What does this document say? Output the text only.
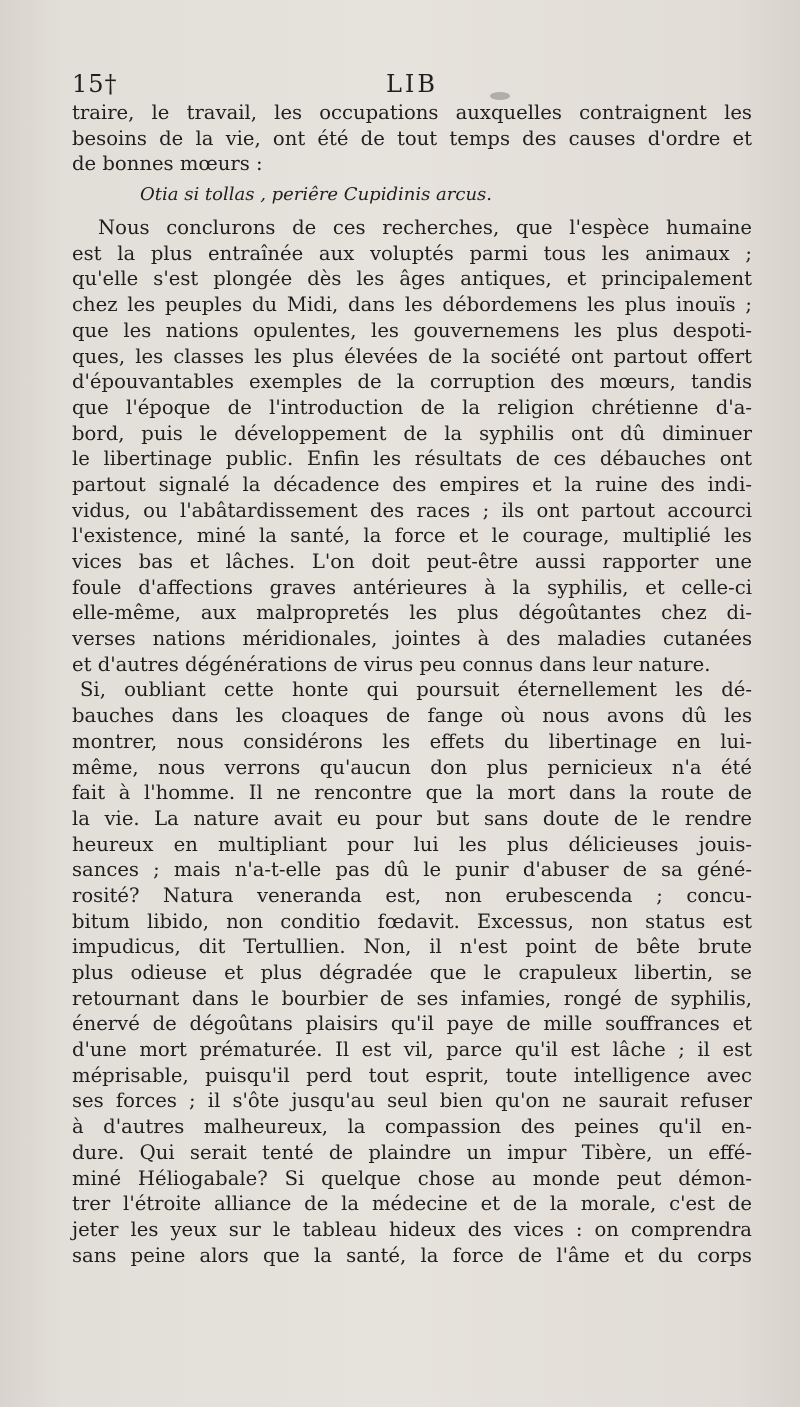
15†	LIB
traire, le travail, les occupations auxquelles contraignent les
besoins de la vie, ont été de tout temps des causes d'ordre et
de bonnes mœurs :
Otia si tollas , periêre Cupidinis arcus.
Nous conclurons de ces recherches, que l'espèce humaine
est la plus entraînée aux voluptés parmi tous les animaux ;
qu'elle s'est plongée dès les âges antiques, et principalement
chez les peuples du Midi, dans les débordemens les plus inouïs ;
que les nations opulentes, les gouvernemens les plus despoti-
ques, les classes les plus élevées de la société ont partout offert
d'épouvantables exemples de la corruption des mœurs, tandis
que l'époque de l'introduction de la religion chrétienne d'a-
bord, puis le développement de la syphilis ont dû diminuer
le libertinage public. Enfin les résultats de ces débauches ont
partout signalé la décadence des empires et la ruine des indi-
vidus, ou l'abâtardissement des races ; ils ont partout accourci
l'existence, miné la santé, la force et le courage, multiplié les
vices bas et lâches. L'on doit peut-être aussi rapporter une
foule d'affections graves antérieures à la syphilis, et celle-ci
elle-même, aux malpropretés les plus dégoûtantes chez di-
verses nations méridionales, jointes à des maladies cutanées
et d'autres dégénérations de virus peu connus dans leur nature.
Si, oubliant cette honte qui poursuit éternellement les dé-
bauches dans les cloaques de fange où nous avons dû les
montrer, nous considérons les effets du libertinage en lui-
même, nous verrons qu'aucun don plus pernicieux n'a été
fait à l'homme. Il ne rencontre que la mort dans la route de
la vie. La nature avait eu pour but sans doute de le rendre
heureux en multipliant pour lui les plus délicieuses jouis-
sances ; mais n'a-t-elle pas dû le punir d'abuser de sa géné-
rosité? Natura veneranda est, non erubescenda ; concu-
bitum libido, non conditio fœdavit. Excessus, non status est
impudicus, dit Tertullien. Non, il n'est point de bête brute
plus odieuse et plus dégradée que le crapuleux libertin, se
retournant dans le bourbier de ses infamies, rongé de syphilis,
énervé de dégoûtans plaisirs qu'il paye de mille souffrances et
d'une mort prématurée. Il est vil, parce qu'il est lâche ; il est
méprisable, puisqu'il perd tout esprit, toute intelligence avec
ses forces ; il s'ôte jusqu'au seul bien qu'on ne saurait refuser
à d'autres malheureux, la compassion des peines qu'il en-
dure. Qui serait tenté de plaindre un impur Tibère, un effé-
miné Héliogabale? Si quelque chose au monde peut démon-
trer l'étroite alliance de la médecine et de la morale, c'est de
jeter les yeux sur le tableau hideux des vices : on comprendra
sans peine alors que la santé, la force de l'âme et du corps
